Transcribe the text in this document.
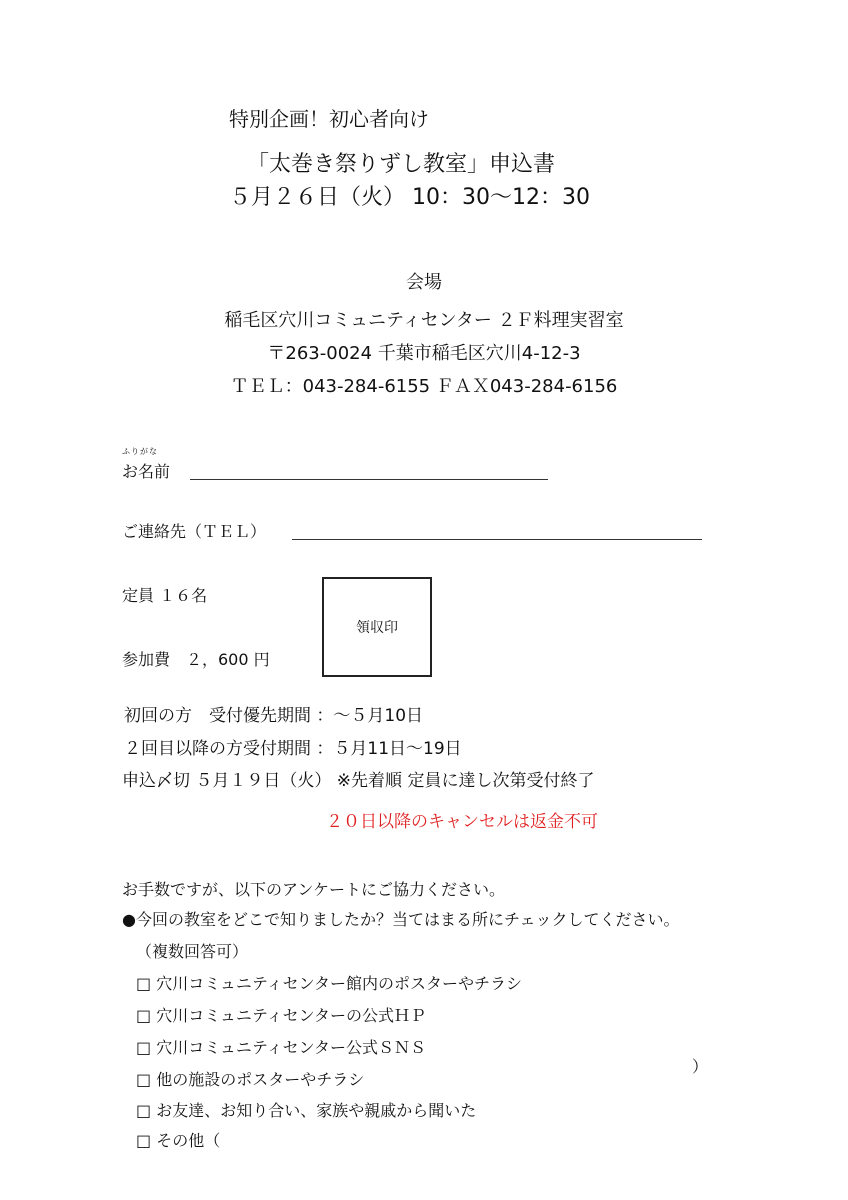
特別企画！初心者向け
「太巻き祭りずし教室」申込書
５月２６日（火） 10：30〜12：30
会場
稲毛区穴川コミュニティセンター ２Ｆ料理実習室
〒263-0024 千葉市稲毛区穴川4-12-3
ＴＥＬ：043-284-6155 ＦＡＸ043-284-6156
ふりがな
お名前
ご連絡先（ＴＥＬ）
定員 １６名
参加費　２，600 円
領収印
初回の方　受付優先期間 ：〜５月10日
２回目以降の方受付期間 ：５月11日〜19日
申込〆切 ５月１９日（火） ※先着順 定員に達し次第受付終了
２０日以降のキャンセルは返金不可
お手数ですが、以下のアンケートにご協力ください。
●今回の教室をどこで知りましたか？当てはまる所にチェックしてください。
（複数回答可）
□ 穴川コミュニティセンター館内のポスターやチラシ
□ 穴川コミュニティセンターの公式ＨＰ
□ 穴川コミュニティセンター公式ＳＮＳ
□ 他の施設のポスターやチラシ
□ お友達、お知り合い、家族や親戚から聞いた
□ その他（
）
